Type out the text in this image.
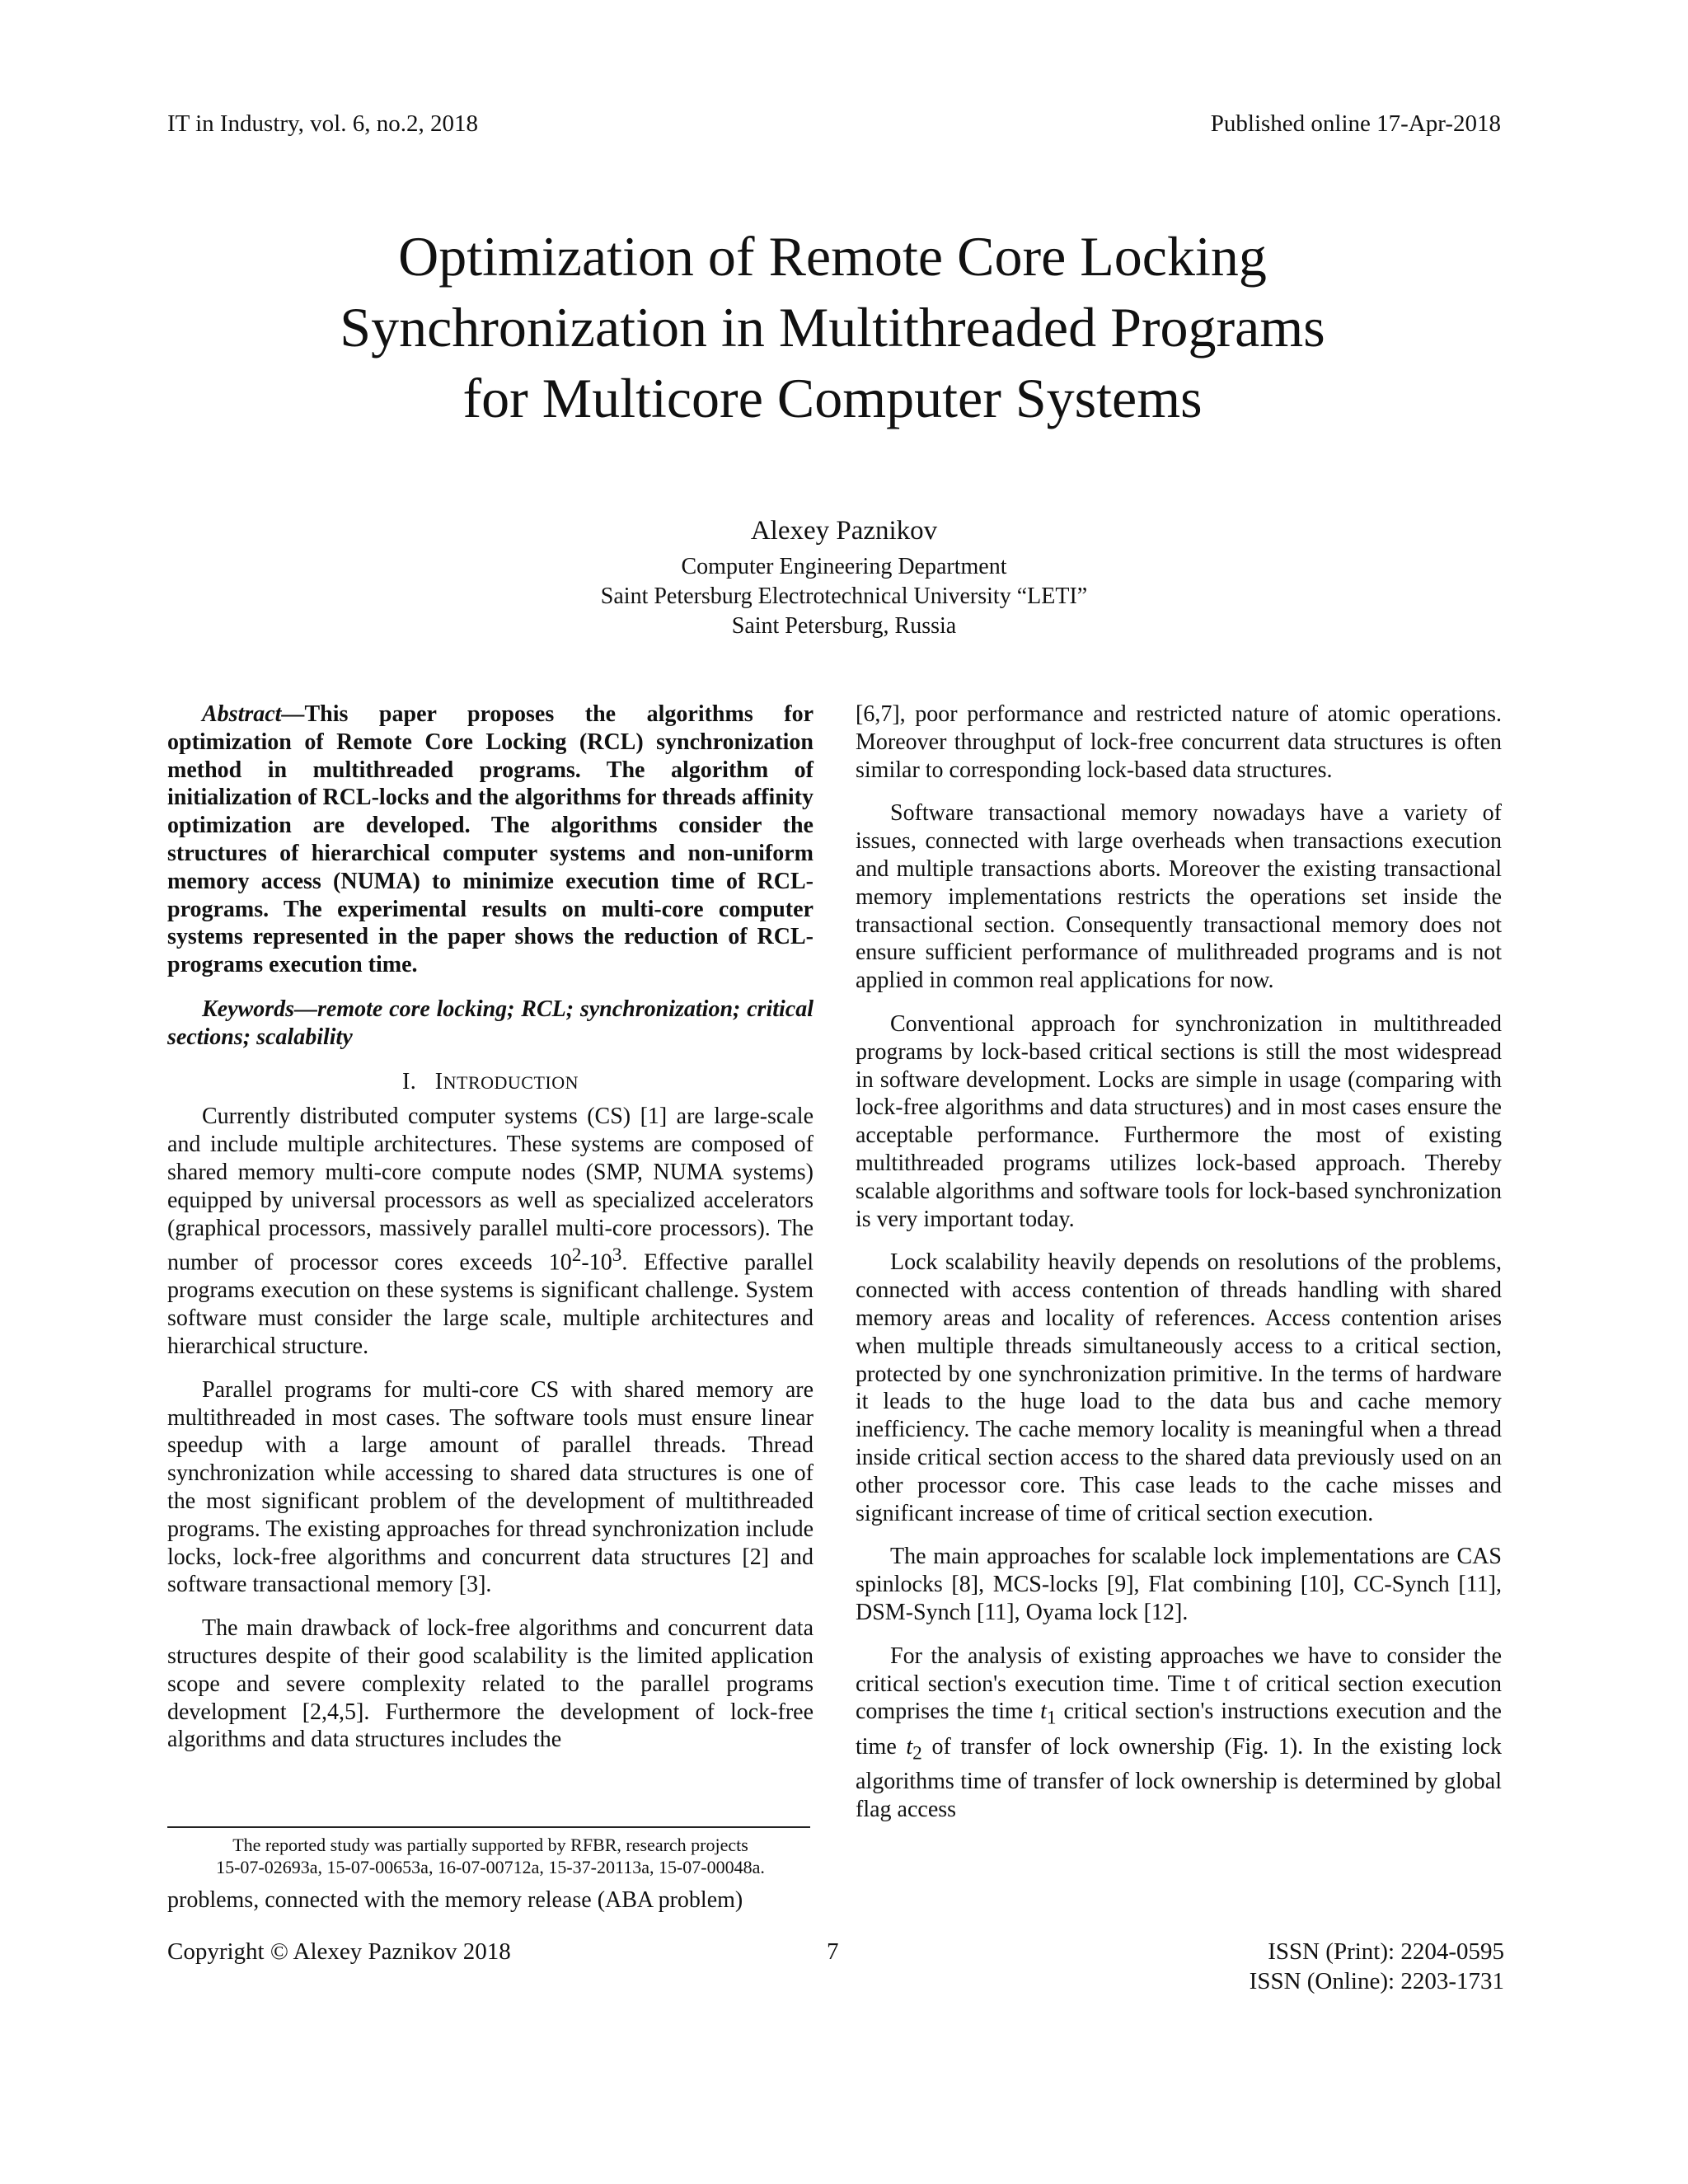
IT in Industry, vol. 6, no.2, 2018	Published online 17-Apr-2018
Optimization of Remote Core Locking
Synchronization in Multithreaded Programs
for Multicore Computer Systems
Alexey Paznikov
Computer Engineering Department
Saint Petersburg Electrotechnical University “LETI”
Saint Petersburg, Russia

Abstract—This paper proposes the algorithms for optimization of Remote Core Locking (RCL) synchronization method in multithreaded programs. The algorithm of initialization of RCL-locks and the algorithms for threads affinity optimization are developed. The algorithms consider the structures of hierarchical computer systems and non-uniform memory access (NUMA) to minimize execution time of RCL-programs. The experimental results on multi-core computer systems represented in the paper shows the reduction of RCL-programs execution time.

Keywords—remote core locking; RCL; synchronization; critical sections; scalability

I. INTRODUCTION

Currently distributed computer systems (CS) [1] are large-scale and include multiple architectures. These systems are composed of shared memory multi-core compute nodes (SMP, NUMA systems) equipped by universal processors as well as specialized accelerators (graphical processors, massively parallel multi-core processors). The number of processor cores exceeds $10^2-10^3$. Effective parallel programs execution on these systems is significant challenge. System software must consider the large scale, multiple architectures and hierarchical structure.

Parallel programs for multi-core CS with shared memory are multithreaded in most cases. The software tools must ensure linear speedup with a large amount of parallel threads. Thread synchronization while accessing to shared data structures is one of the most significant problem of the development of multithreaded programs. The existing approaches for thread synchronization include locks, lock-free algorithms and concurrent data structures [2] and software transactional memory [3].

The main drawback of lock-free algorithms and concurrent data structures despite of their good scalability is the limited application scope and severe complexity related to the parallel programs development [2,4,5]. Furthermore the development of lock-free algorithms and data structures includes the

The reported study was partially supported by RFBR, research projects
15-07-02693a, 15-07-00653a, 16-07-00712a, 15-37-20113a, 15-07-00048a.
problems, connected with the memory release (ABA problem)

[6,7], poor performance and restricted nature of atomic operations. Moreover throughput of lock-free concurrent data structures is often similar to corresponding lock-based data structures.

Software transactional memory nowadays have a variety of issues, connected with large overheads when transactions execution and multiple transactions aborts. Moreover the existing transactional memory implementations restricts the operations set inside the transactional section. Consequently transactional memory does not ensure sufficient performance of mulithreaded programs and is not applied in common real applications for now.

Conventional approach for synchronization in multithreaded programs by lock-based critical sections is still the most widespread in software development. Locks are simple in usage (comparing with lock-free algorithms and data structures) and in most cases ensure the acceptable performance. Furthermore the most of existing multithreaded programs utilizes lock-based approach. Thereby scalable algorithms and software tools for lock-based synchronization is very important today.

Lock scalability heavily depends on resolutions of the problems, connected with access contention of threads handling with shared memory areas and locality of references. Access contention arises when multiple threads simultaneously access to a critical section, protected by one synchronization primitive. In the terms of hardware it leads to the huge load to the data bus and cache memory inefficiency. The cache memory locality is meaningful when a thread inside critical section access to the shared data previously used on an other processor core. This case leads to the cache misses and significant increase of time of critical section execution.

The main approaches for scalable lock implementations are CAS spinlocks [8], MCS-locks [9], Flat combining [10], CC-Synch [11], DSM-Synch [11], Oyama lock [12].

For the analysis of existing approaches we have to consider the critical section's execution time. Time t of critical section execution comprises the time $t_1$ critical section's instructions execution and the time $t_2$ of transfer of lock ownership (Fig. 1). In the existing lock algorithms time of transfer of lock ownership is determined by global flag access

Copyright © Alexey Paznikov 2018	7	ISSN (Print): 2204-0595
ISSN (Online): 2203-1731
